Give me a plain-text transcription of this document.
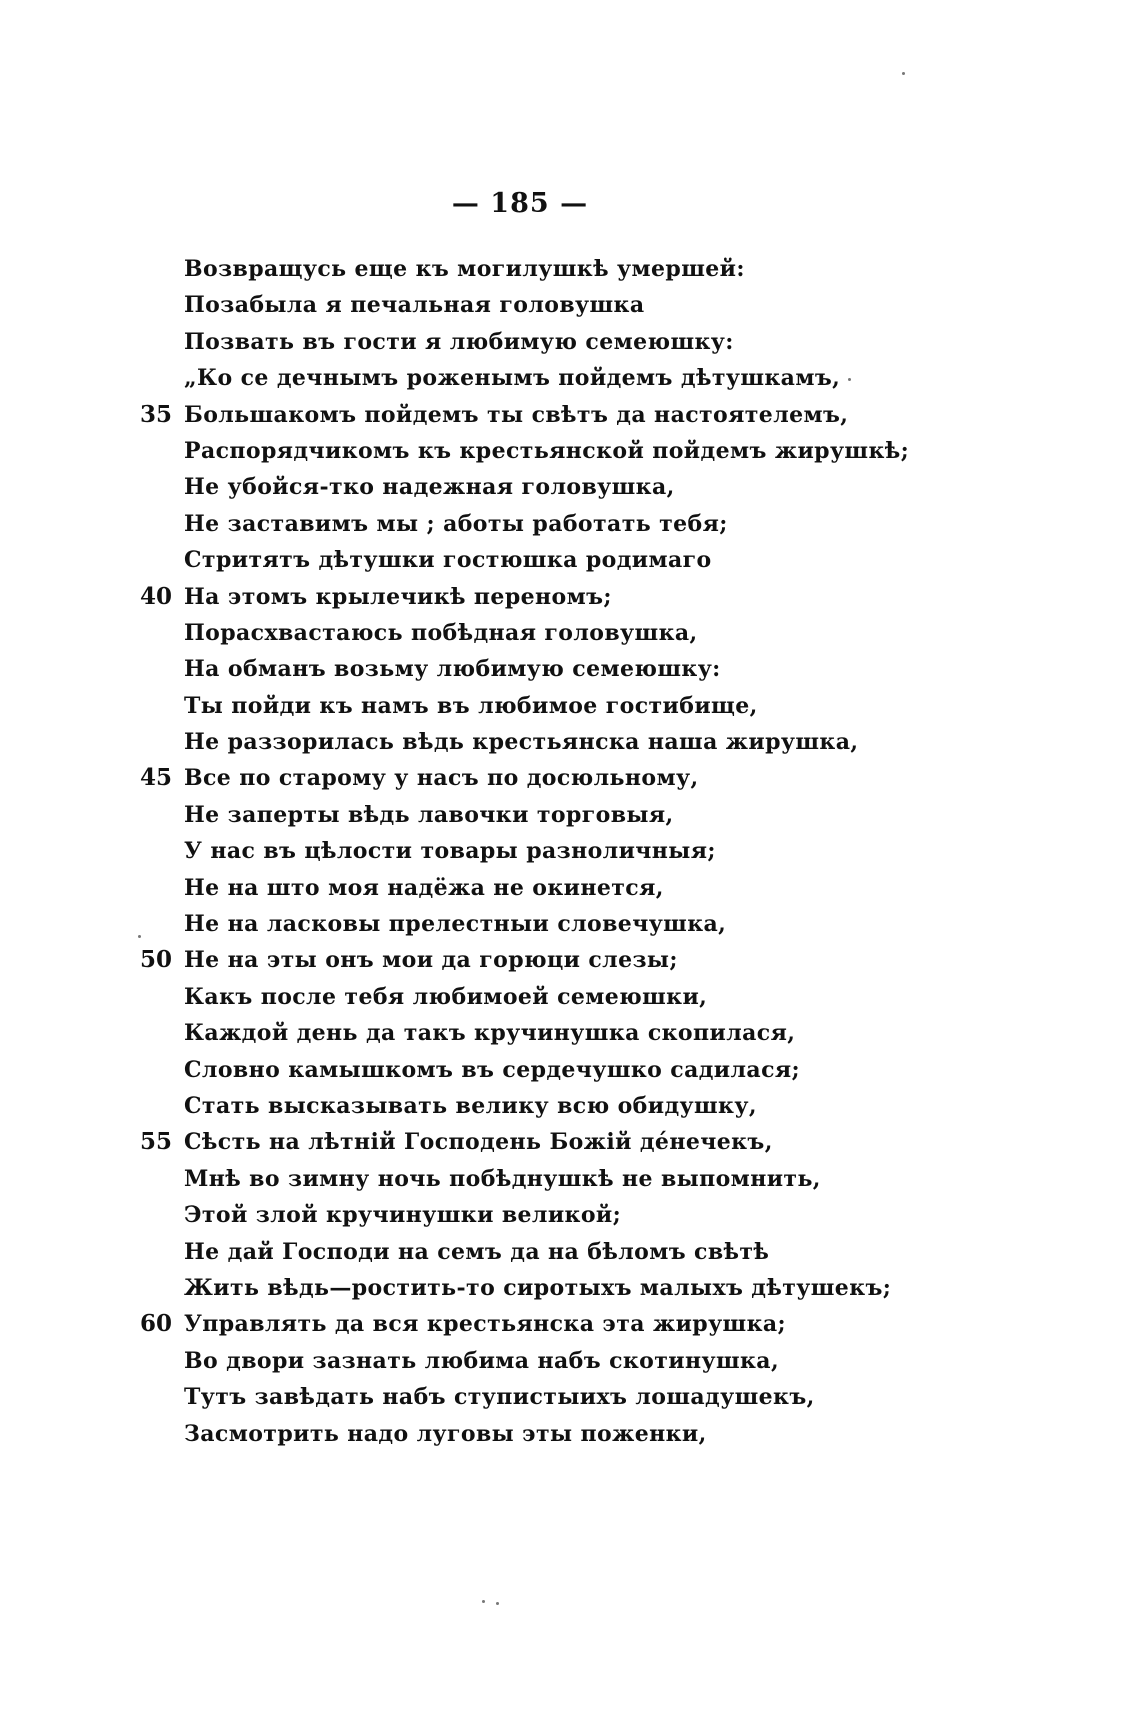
— 185 —
Возвращусь еще къ могилушкѣ умершей:
Позабыла я печальная головушка
Позвать въ гости я любимую семеюшку:
„Ко се дечнымъ роженымъ пойдемъ дѣтушкамъ,
35 Большакомъ пойдемъ ты свѣтъ да настоятелемъ,
Распорядчикомъ къ крестьянской пойдемъ жирушкѣ;
Не убойся-тко надежная головушка,
Не заставимъ мы ; аботы работать тебя;
Стритятъ дѣтушки гостюшка родимаго
40 На этомъ крылечикѣ переномъ;
Порасхвастаюсь побѣдная головушка,
На обманъ возьму любимую семеюшку:
Ты пойди къ намъ въ любимое гостибище,
Не раззорилась вѣдь крестьянска наша жирушка,
45 Все по старому у насъ по досюльному,
Не заперты вѣдь лавочки торговыя,
У нас въ цѣлости товары разноличныя;
Не на што моя надёжа не окинется,
Не на ласковы прелестныи словечушка,
50 Не на эты онъ мои да горюци слезы;
Какъ после тебя любимоей семеюшки,
Каждой день да такъ кручинушка скопилася,
Словно камышкомъ въ сердечушко садилася;
Стать высказывать велику всю обидушку,
55 Сѣсть на лѣтній Господень Божій де́нечекъ,
Мнѣ во зимну ночь побѣднушкѣ не выпомнить,
Этой злой кручинушки великой;
Не дай Господи на семъ да на бѣломъ свѣтѣ
Жить вѣдь—ростить-то сиротыхъ малыхъ дѣтушекъ;
60 Управлять да вся крестьянска эта жирушка;
Во двори зазнать любима набъ скотинушка,
Тутъ завѣдать набъ ступистыихъ лошадушекъ,
Засмотрить надо луговы эты поженки,
